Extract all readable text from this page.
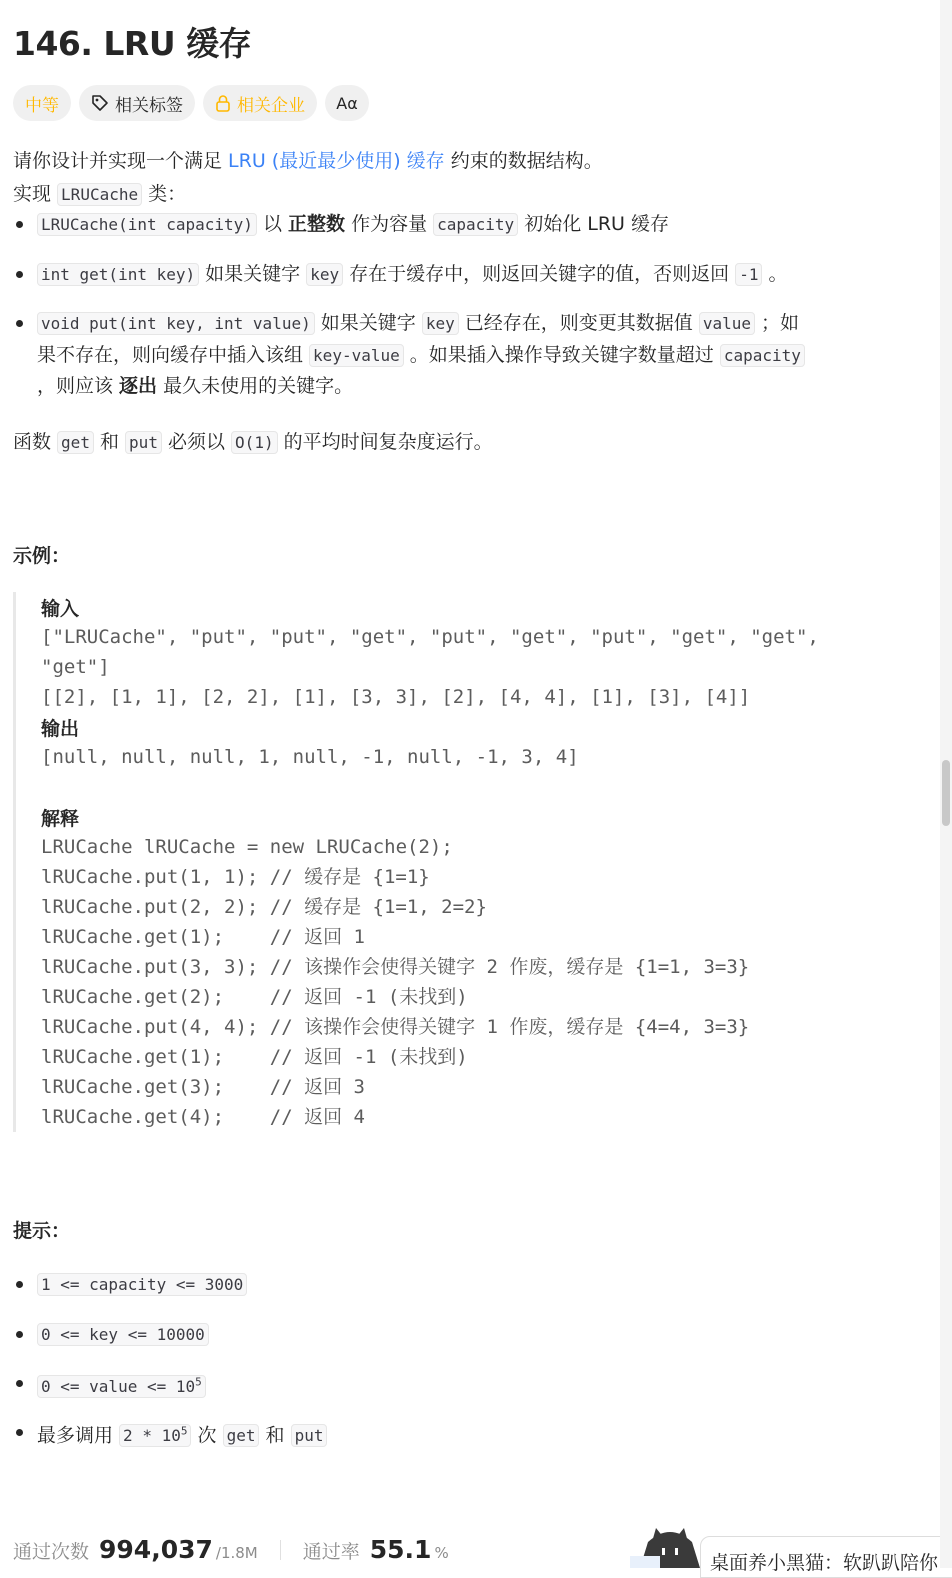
146. LRU 缓存
中等	相关标签	相关企业 Aα

请你设计并实现一个满足 LRU (最近最少使用) 缓存 约束的数据结构。

实现 LRUCache 类：

LRUCache(int capacity) 以 正整数 作为容量 capacity 初始化 LRU 缓存
int get(int key) 如果关键字 key 存在于缓存中，则返回关键字的值，否则返回 -1 。
void put(int key, int value) 如果关键字 key 已经存在，则变更其数据值 value ；如
果不存在，则向缓存中插入该组 key-value 。如果插入操作导致关键字数量超过 capacity
，则应该 逐出 最久未使用的关键字。

函数 get 和 put 必须以 O(1) 的平均时间复杂度运行。

示例：
输入
["LRUCache", "put", "put", "get", "put", "get", "put", "get", "get",
"get"]
[[2], [1, 1], [2, 2], [1], [3, 3], [2], [4, 4], [1], [3], [4]]
输出
[null, null, null, 1, null, -1, null, -1, 3, 4]
解释
LRUCache lRUCache = new LRUCache(2);
lRUCache.put(1, 1); // 缓存是 {1=1}
lRUCache.put(2, 2); // 缓存是 {1=1, 2=2}
lRUCache.get(1);    // 返回 1
lRUCache.put(3, 3); // 该操作会使得关键字 2 作废，缓存是 {1=1, 3=3}
lRUCache.get(2);    // 返回 -1 (未找到)
lRUCache.put(4, 4); // 该操作会使得关键字 1 作废，缓存是 {4=4, 3=3}
lRUCache.get(1);    // 返回 -1 (未找到)
lRUCache.get(3);    // 返回 3
lRUCache.get(4);    // 返回 4
提示：
1 <= capacity <= 3000
0 <= key <= 10000
0 <= value <= $10^5$
最多调用 $2 * 10^5$ 次 get 和 put
通过次数 994,037 /1.8M 通过率 55.1 %	桌面养小黑猫：软趴趴陪你
